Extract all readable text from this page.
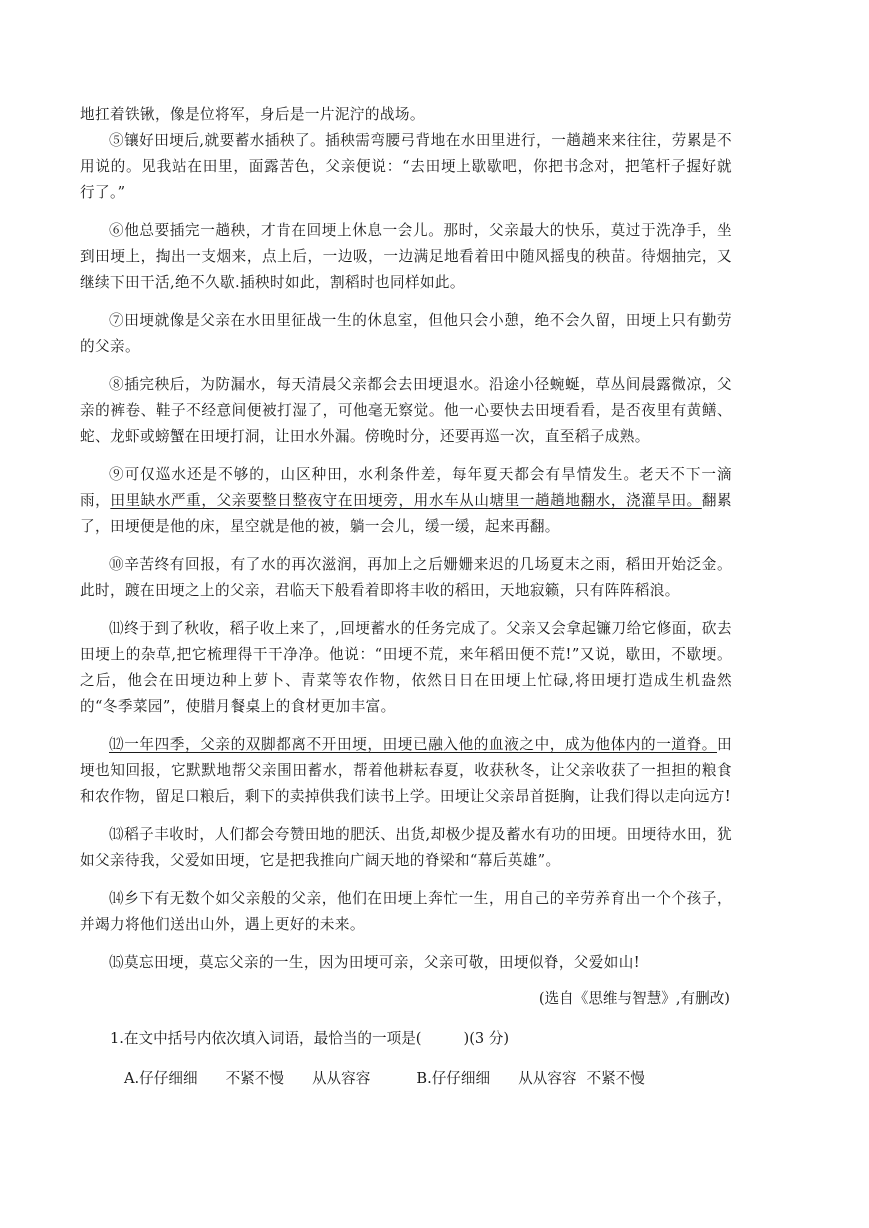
地扛着铁锹，像是位将军，身后是一片泥泞的战场。

⑤镶好田埂后,就要蓄水插秧了。插秧需弯腰弓背地在水田里进行，一趟趟来来往往，劳累是不用说的。见我站在田里，面露苦色，父亲便说：“去田埂上歇歇吧，你把书念对，把笔杆子握好就行了。”

⑥他总要插完一趟秧，才肯在回埂上休息一会儿。那时，父亲最大的快乐，莫过于洗净手，坐到田埂上，掏出一支烟来，点上后，一边吸，一边满足地看着田中随风摇曳的秧苗。待烟抽完，又继续下田干活,绝不久歇.插秧时如此，割稻时也同样如此。

⑦田埂就像是父亲在水田里征战一生的休息室，但他只会小憩，绝不会久留，田埂上只有勤劳的父亲。

⑧插完秧后，为防漏水，每天清晨父亲都会去田埂退水。沿途小径蜿蜒，草丛间晨露微凉，父亲的裤卷、鞋子不经意间便被打湿了，可他毫无察觉。他一心要快去田埂看看，是否夜里有黄鳝、蛇、龙虾或螃蟹在田埂打洞，让田水外漏。傍晚时分，还要再巡一次，直至稻子成熟。

⑨可仅巡水还是不够的，山区种田，水利条件差，每年夏天都会有旱情发生。老天不下一滴雨，田里缺水严重，父亲要整日整夜守在田埂旁，用水车从山塘里一趟趟地翻水，浇灌旱田。翻累了，田埂便是他的床，星空就是他的被，躺一会儿，缓一缓，起来再翻。

⑩辛苦终有回报，有了水的再次滋润，再加上之后姗姗来迟的几场夏末之雨，稻田开始泛金。此时，踱在田埂之上的父亲，君临天下般看着即将丰收的稻田，天地寂籁，只有阵阵稻浪。

⑾终于到了秋收，稻子收上来了，,回埂蓄水的任务完成了。父亲又会拿起镰刀给它修面，砍去田埂上的杂草,把它梳理得干干净净。他说：“田埂不荒，来年稻田便不荒!”又说，歇田，不歇埂。之后，他会在田埂边种上萝卜、青菜等农作物，依然日日在田埂上忙碌,将田埂打造成生机盎然的“冬季菜园”，使腊月餐桌上的食材更加丰富。

⑿一年四季，父亲的双脚都离不开田埂，田埂已融入他的血液之中，成为他体内的一道脊。田埂也知回报，它默默地帮父亲围田蓄水，帮着他耕耘春夏，收获秋冬，让父亲收获了一担担的粮食和农作物，留足口粮后，剩下的卖掉供我们读书上学。田埂让父亲昂首挺胸，让我们得以走向远方!

⒀稻子丰收时，人们都会夸赞田地的肥沃、出货,却极少提及蓄水有功的田埂。田埂待水田，犹如父亲待我，父爱如田埂，它是把我推向广阔天地的脊梁和“幕后英雄”。

⒁乡下有无数个如父亲般的父亲，他们在田埂上奔忙一生，用自己的辛劳养育出一个个孩子，并竭力将他们送出山外，遇上更好的未来。

⒂莫忘田埂，莫忘父亲的一生，因为田埂可亲，父亲可敬，田埂似脊，父爱如山!

(选自《思维与智慧》,有删改)
1.在文中括号内依次填入词语，最恰当的一项是(	)(3 分)
A.仔仔细细 不紧不慢 从从容容	B.仔仔细细 从从容容 不紧不慢
